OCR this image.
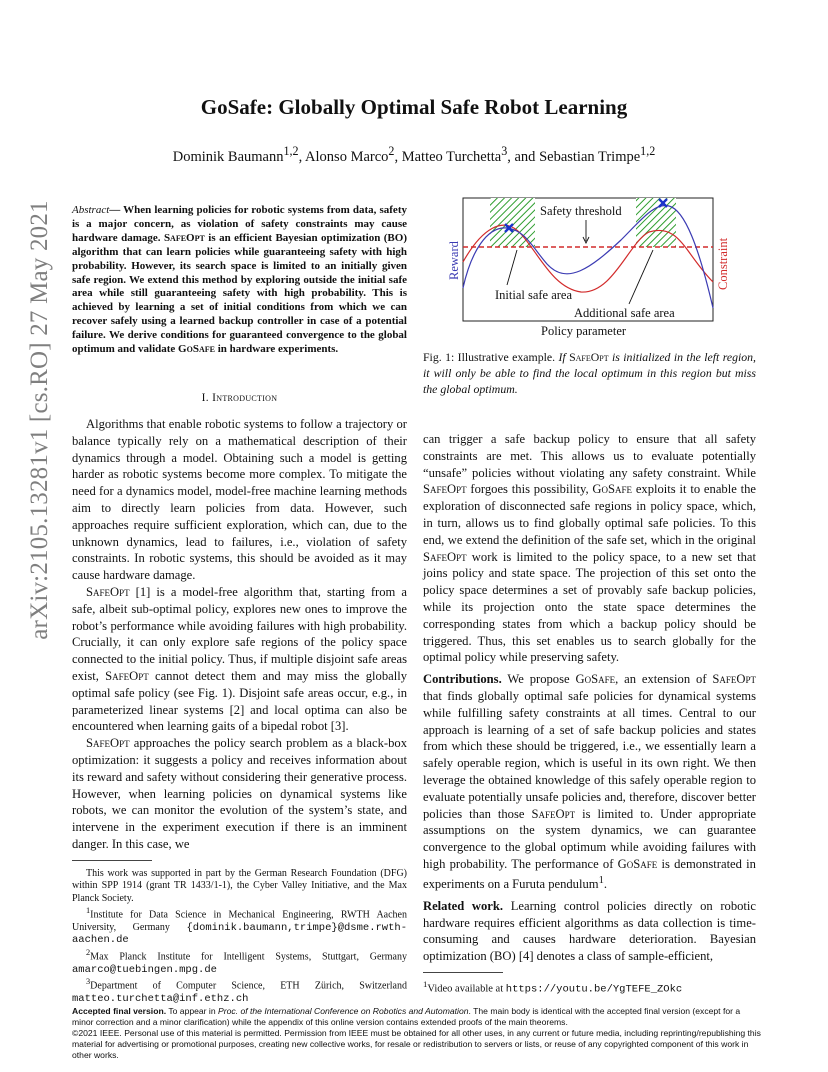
arXiv:2105.13281v1 [cs.RO] 27 May 2021
GoSafe: Globally Optimal Safe Robot Learning
Dominik Baumann$^{1,2}$, Alonso Marco$^2$, Matteo Turchetta$^3$, and Sebastian Trimpe$^{1,2}$
Abstract— When learning policies for robotic systems from data, safety is a major concern, as violation of safety constraints may cause hardware damage. SafeOpt is an efficient Bayesian optimization (BO) algorithm that can learn policies while guaranteeing safety with high probability. However, its search space is limited to an initially given safe region. We extend this method by exploring outside the initial safe area while still guaranteeing safety with high probability. This is achieved by learning a set of initial conditions from which we can recover safely using a learned backup controller in case of a potential failure. We derive conditions for guaranteed convergence to the global optimum and validate GoSafe in hardware experiments.
I. Introduction

Algorithms that enable robotic systems to follow a trajectory or balance typically rely on a mathematical description of their dynamics through a model. Obtaining such a model is getting harder as robotic systems become more complex. To mitigate the need for a dynamics model, model-free machine learning methods aim to directly learn policies from data. However, such approaches require sufficient exploration, which can, due to the unknown dynamics, lead to failures, i.e., violation of safety constraints. In robotic systems, this should be avoided as it may cause hardware damage.

SafeOpt [1] is a model-free algorithm that, starting from a safe, albeit sub-optimal policy, explores new ones to improve the robot’s performance while avoiding failures with high probability. Crucially, it can only explore safe regions of the policy space connected to the initial policy. Thus, if multiple disjoint safe areas exist, SafeOpt cannot detect them and may miss the globally optimal safe policy (see Fig. 1). Disjoint safe areas occur, e.g., in parameterized linear systems [2] and local optima can also be encountered when learning gaits of a bipedal robot [3].

SafeOpt approaches the policy search problem as a black-box optimization: it suggests a policy and receives information about its reward and safety without considering their generative process. However, when learning policies on dynamical systems like robots, we can monitor the evolution of the system’s state, and intervene in the experiment execution if there is an imminent danger. In this case, we

This work was supported in part by the German Research Foundation (DFG) within SPP 1914 (grant TR 1433/1-1), the Cyber Valley Initiative, and the Max Planck Society.

$^1$Institute for Data Science in Mechanical Engineering, RWTH Aachen University, Germany {dominik.baumann,trimpe}@dsme.rwth-aachen.de

$^2$Max Planck Institute for Intelligent Systems, Stuttgart, Germany amarco@tuebingen.mpg.de

$^3$Department of Computer Science, ETH Zürich, Switzerland matteo.turchetta@inf.ethz.ch

Safety threshold
Initial safe area
Additional safe area
Reward	Constraint
Policy parameter
Fig. 1: Illustrative example. If SafeOpt is initialized in the left region, it will only be able to find the local optimum in this region but miss the global optimum.

can trigger a safe backup policy to ensure that all safety constraints are met. This allows us to evaluate potentially “unsafe” policies without violating any safety constraint. While SafeOpt forgoes this possibility, GoSafe exploits it to enable the exploration of disconnected safe regions in policy space, which, in turn, allows us to find globally optimal safe policies. To this end, we extend the definition of the safe set, which in the original SafeOpt work is limited to the policy space, to a new set that joins policy and state space. The projection of this set onto the policy space determines a set of provably safe backup policies, while its projection onto the state space determines the corresponding states from which a backup policy should be triggered. Thus, this set enables us to search globally for the optimal policy while preserving safety.

Contributions. We propose GoSafe, an extension of SafeOpt that finds globally optimal safe policies for dynamical systems while fulfilling safety constraints at all times. Central to our approach is learning of a set of safe backup policies and states from which these should be triggered, i.e., we essentially learn a safely operable region, which is useful in its own right. We then leverage the obtained knowledge of this safely operable region to evaluate potentially unsafe policies and, therefore, discover better policies than those SafeOpt is limited to. Under appropriate assumptions on the system dynamics, we can guarantee convergence to the global optimum while avoiding failures with high probability. The performance of GoSafe is demonstrated in experiments on a Furuta pendulum$^1$.

Related work. Learning control policies directly on robotic hardware requires efficient algorithms as data collection is time-consuming and causes hardware deterioration. Bayesian optimization (BO) [4] denotes a class of sample-efficient,

$^1$Video available at https://youtu.be/YgTEFE_ZOkc

Accepted final version. To appear in Proc. of the International Conference on Robotics and Automation. The main body is identical with the accepted final version (except for a minor correction and a minor clarification) while the appendix of this online version contains extended proofs of the main theorems.

©2021 IEEE. Personal use of this material is permitted. Permission from IEEE must be obtained for all other uses, in any current or future media, including reprinting/republishing this material for advertising or promotional purposes, creating new collective works, for resale or redistribution to servers or lists, or reuse of any copyrighted component of this work in other works.
